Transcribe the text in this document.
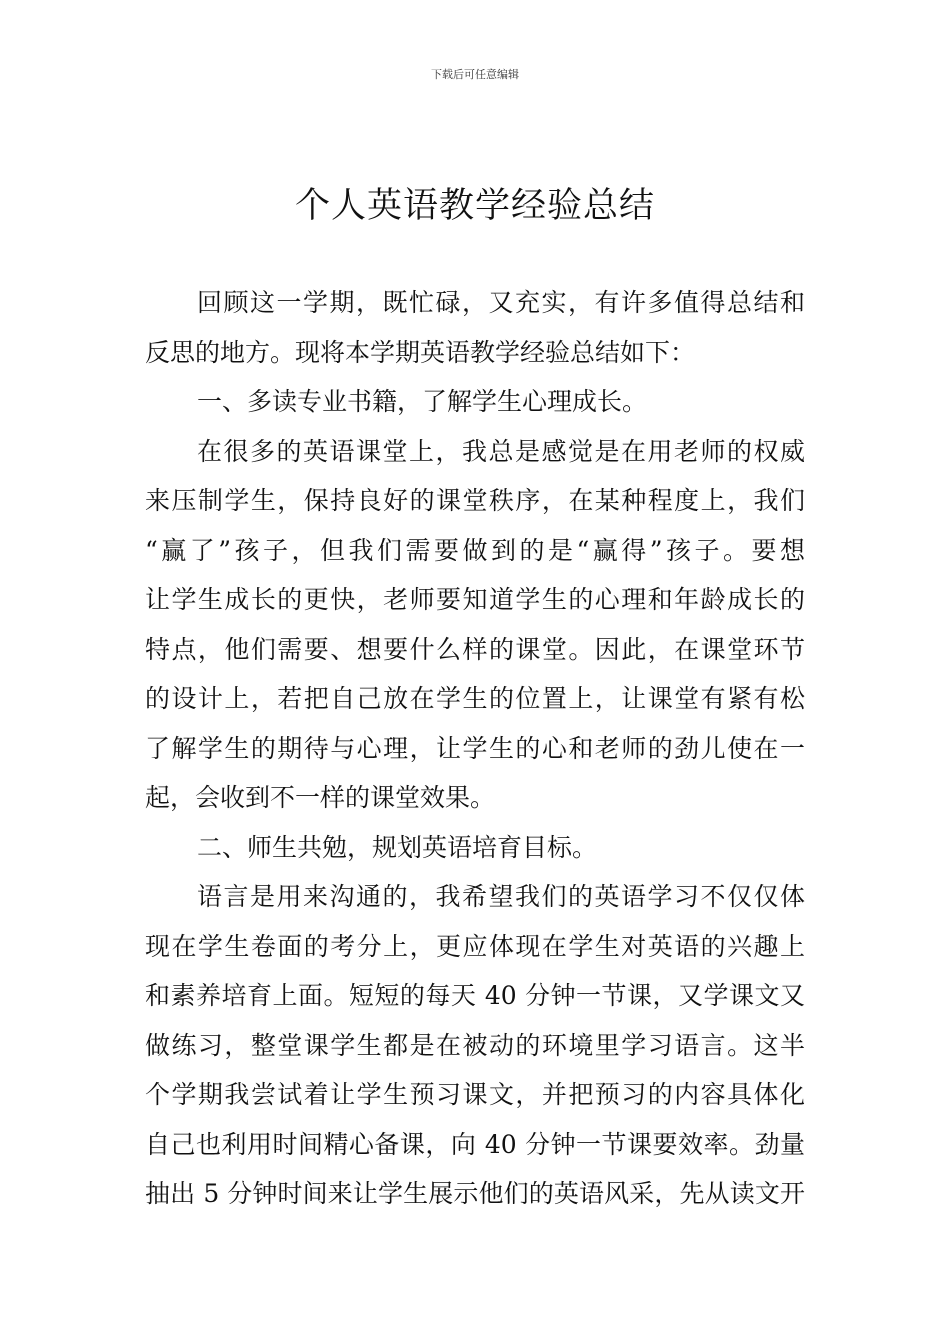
下载后可任意编辑
个人英语教学经验总结
回顾这一学期，既忙碌，又充实，有许多值得总结和
反思的地方。现将本学期英语教学经验总结如下：
一、多读专业书籍，了解学生心理成长。
在很多的英语课堂上，我总是感觉是在用老师的权威
来压制学生，保持良好的课堂秩序，在某种程度上，我们
“赢了”孩子，但我们需要做到的是“赢得”孩子。要想
让学生成长的更快，老师要知道学生的心理和年龄成长的
特点，他们需要、想要什么样的课堂。因此，在课堂环节
的设计上，若把自己放在学生的位置上，让课堂有紧有松
了解学生的期待与心理，让学生的心和老师的劲儿使在一
起，会收到不一样的课堂效果。
二、师生共勉，规划英语培育目标。
语言是用来沟通的，我希望我们的英语学习不仅仅体
现在学生卷面的考分上，更应体现在学生对英语的兴趣上
和素养培育上面。短短的每天 40 分钟一节课，又学课文又
做练习，整堂课学生都是在被动的环境里学习语言。这半
个学期我尝试着让学生预习课文，并把预习的内容具体化
自己也利用时间精心备课，向 40 分钟一节课要效率。劲量
抽出 5 分钟时间来让学生展示他们的英语风采，先从读文开
